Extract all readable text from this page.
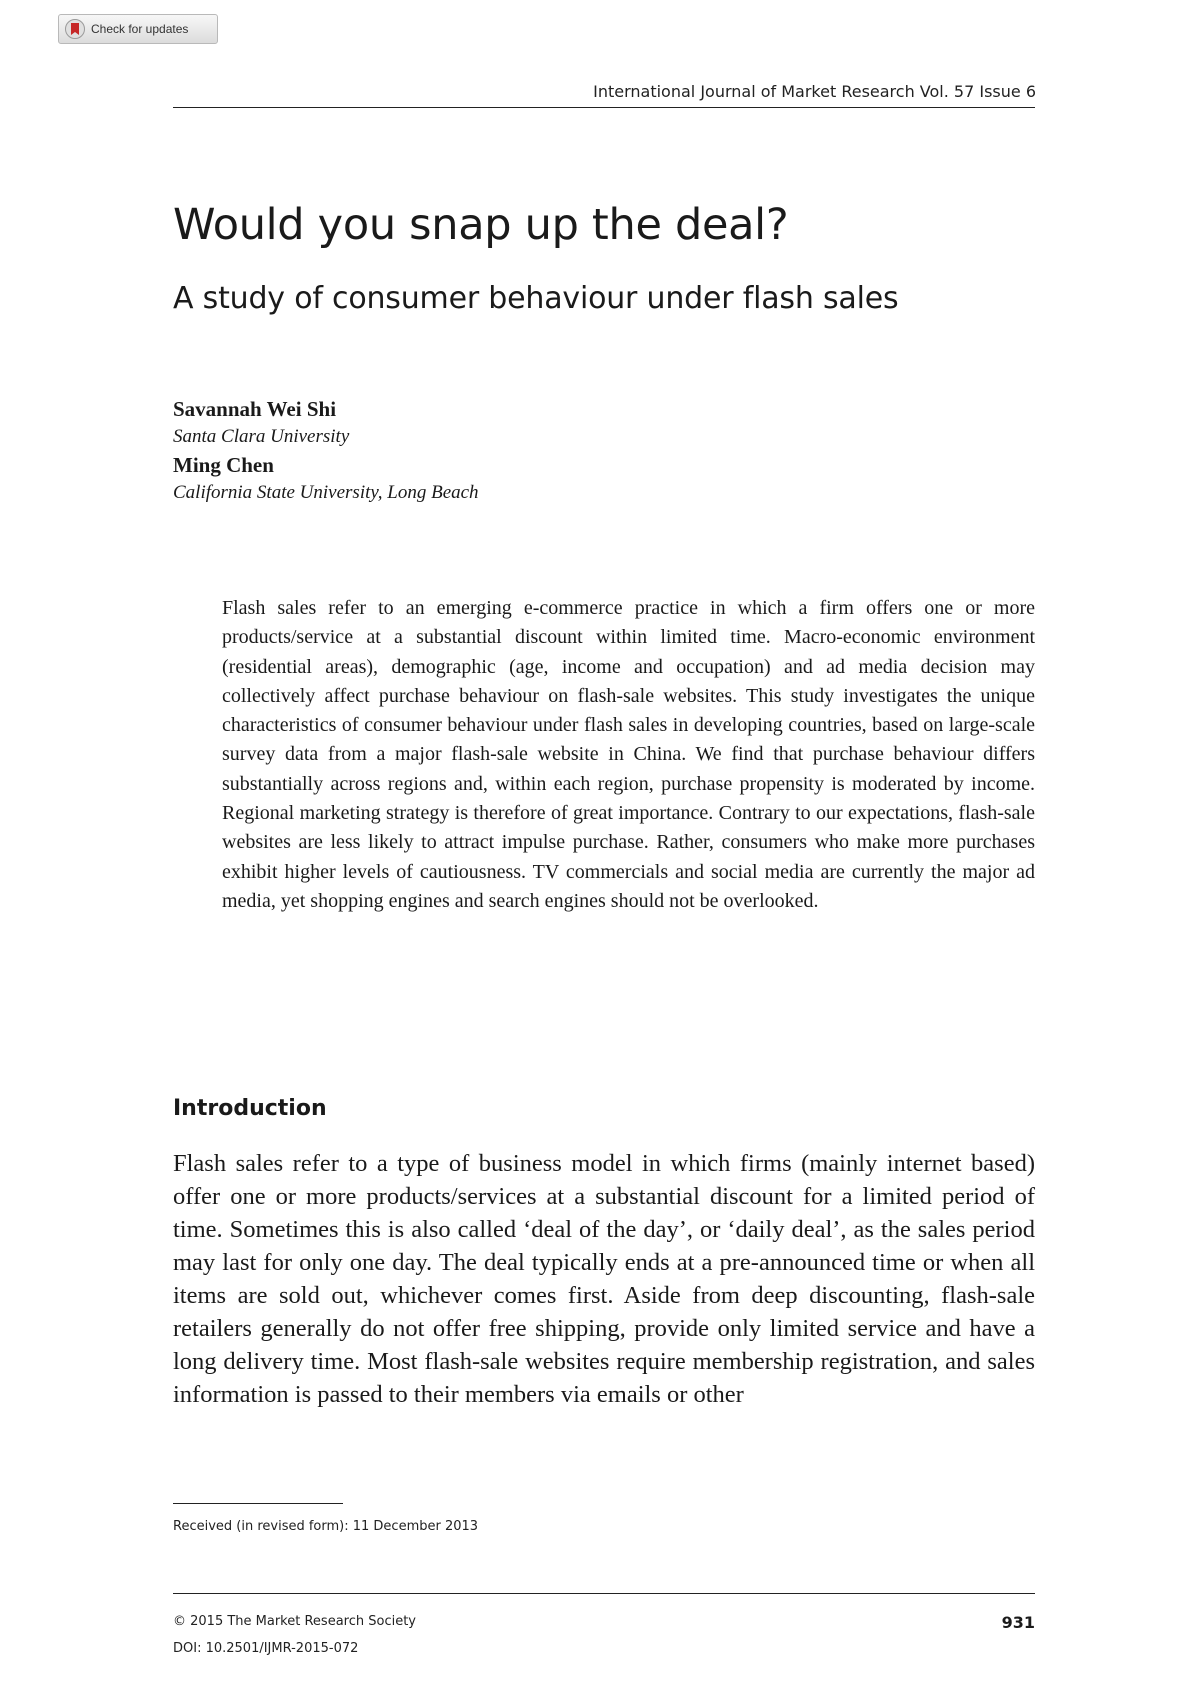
Check for updates
International Journal of Market Research Vol. 57 Issue 6
Would you snap up the deal?
A study of consumer behaviour under flash sales
Savannah Wei Shi
Santa Clara University
Ming Chen
California State University, Long Beach

Flash sales refer to an emerging e-commerce practice in which a firm offers one or more products/service at a substantial discount within limited time. Macro-economic environment (residential areas), demographic (age, income and occupation) and ad media decision may collectively affect purchase behaviour on flash-sale websites. This study investigates the unique characteristics of consumer behaviour under flash sales in developing countries, based on large-scale survey data from a major flash-sale website in China. We find that purchase behaviour differs substantially across regions and, within each region, purchase propensity is moderated by income. Regional marketing strategy is therefore of great importance. Contrary to our expectations, flash-sale websites are less likely to attract impulse purchase. Rather, consumers who make more purchases exhibit higher levels of cautiousness. TV commercials and social media are currently the major ad media, yet shopping engines and search engines should not be overlooked.

Introduction

Flash sales refer to a type of business model in which firms (mainly internet based) offer one or more products/services at a substantial discount for a limited period of time. Sometimes this is also called ‘deal of the day’, or ‘daily deal’, as the sales period may last for only one day. The deal typically ends at a pre-announced time or when all items are sold out, whichever comes first. Aside from deep discounting, flash-sale retailers generally do not offer free shipping, provide only limited service and have a long delivery time. Most flash-sale websites require membership registration, and sales information is passed to their members via emails or other

Received (in revised form): 11 December 2013
© 2015 The Market Research Society
DOI: 10.2501/IJMR-2015-072
931
